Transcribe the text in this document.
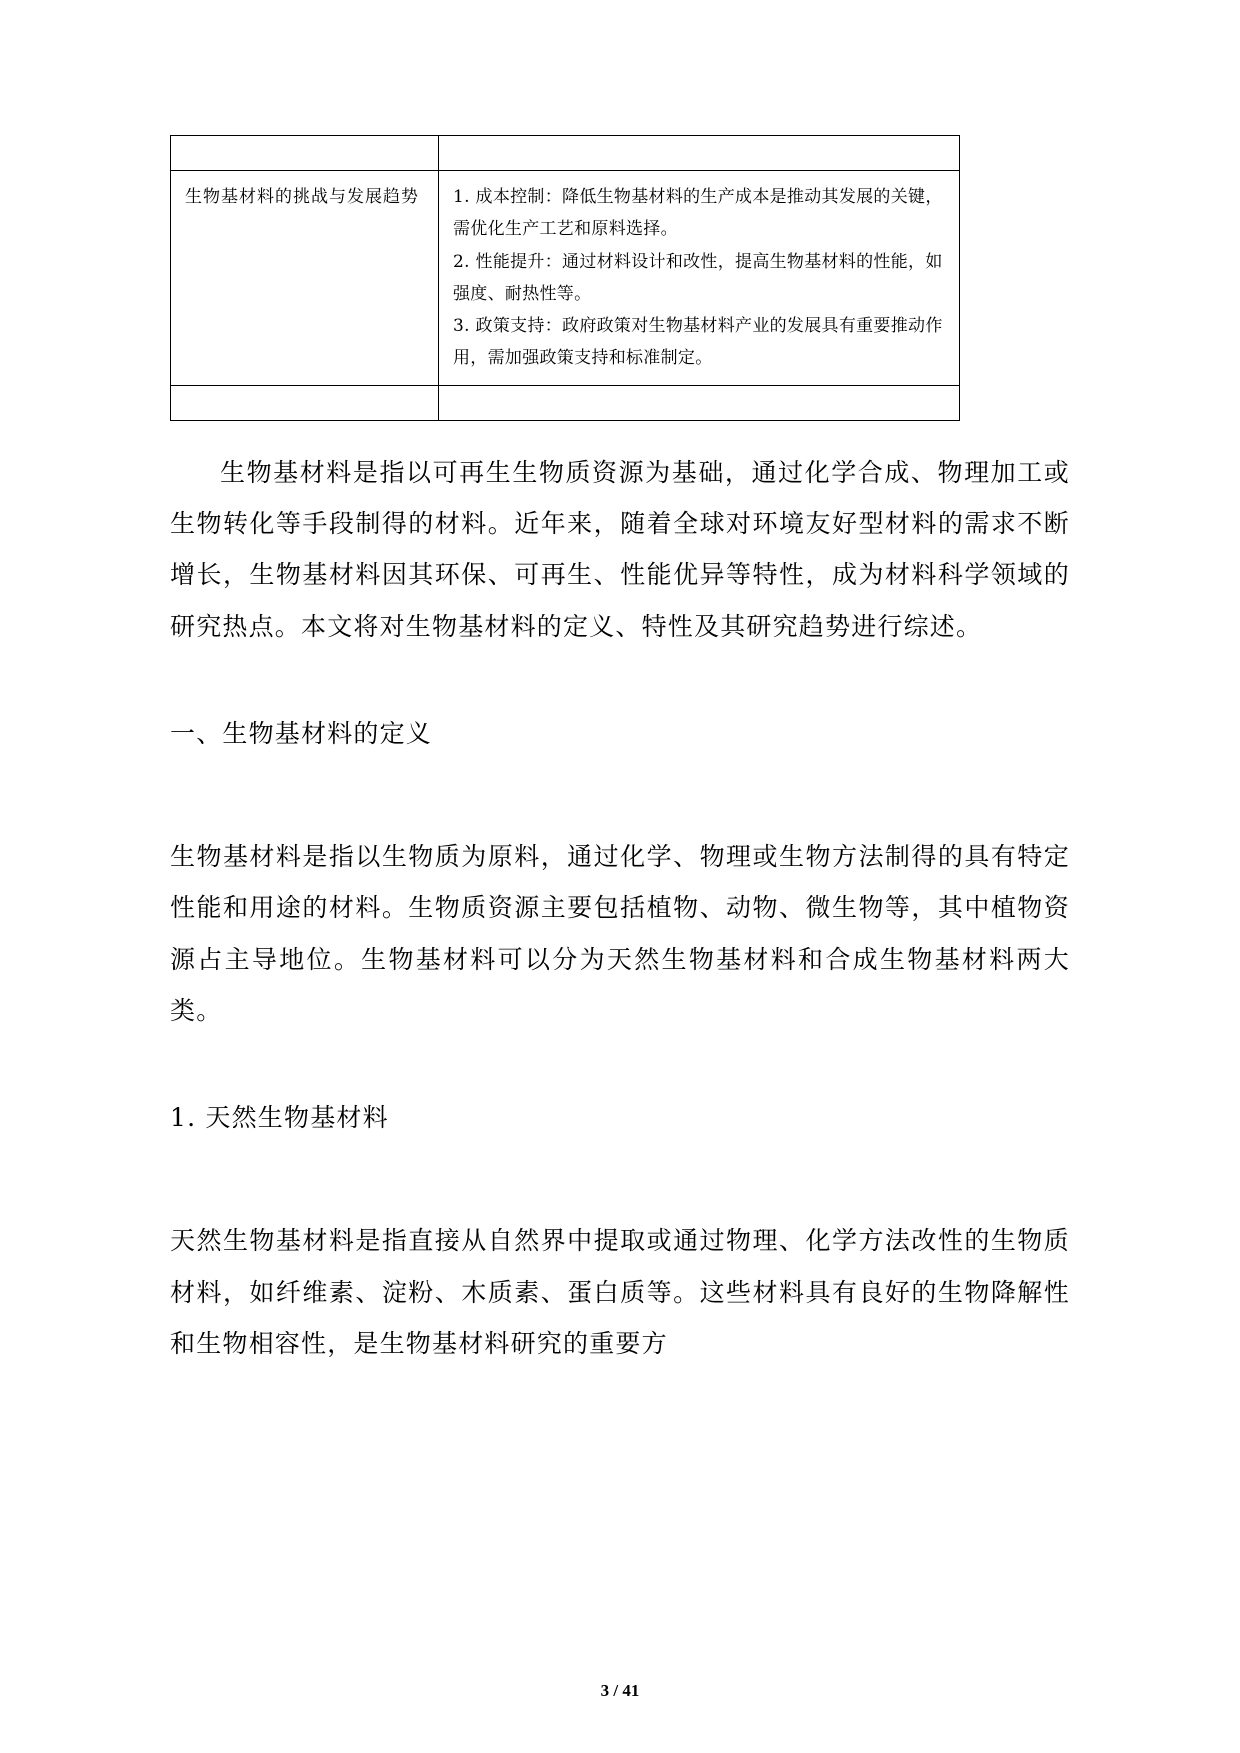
生物基材料的挑战与发展趋势	1. 成本控制：降低生物基材料的生产成本是推动其发展的关键，需优化生产工艺和原料选择。

2. 性能提升：通过材料设计和改性，提高生物基材料的性能，如强度、耐热性等。

3. 政策支持：政府政策对生物基材料产业的发展具有重要推动作用，需加强政策支持和标准制定。

生物基材料是指以可再生生物质资源为基础，通过化学合成、物理加工或生物转化等手段制得的材料。近年来，随着全球对环境友好型材料的需求不断增长，生物基材料因其环保、可再生、性能优异等特性，成为材料科学领域的研究热点。本文将对生物基材料的定义、特性及其研究趋势进行综述。

一、生物基材料的定义

生物基材料是指以生物质为原料，通过化学、物理或生物方法制得的具有特定性能和用途的材料。生物质资源主要包括植物、动物、微生物等，其中植物资源占主导地位。生物基材料可以分为天然生物基材料和合成生物基材料两大类。

1. 天然生物基材料

天然生物基材料是指直接从自然界中提取或通过物理、化学方法改性的生物质材料，如纤维素、淀粉、木质素、蛋白质等。这些材料具有良好的生物降解性和生物相容性，是生物基材料研究的重要方

3 / 41
